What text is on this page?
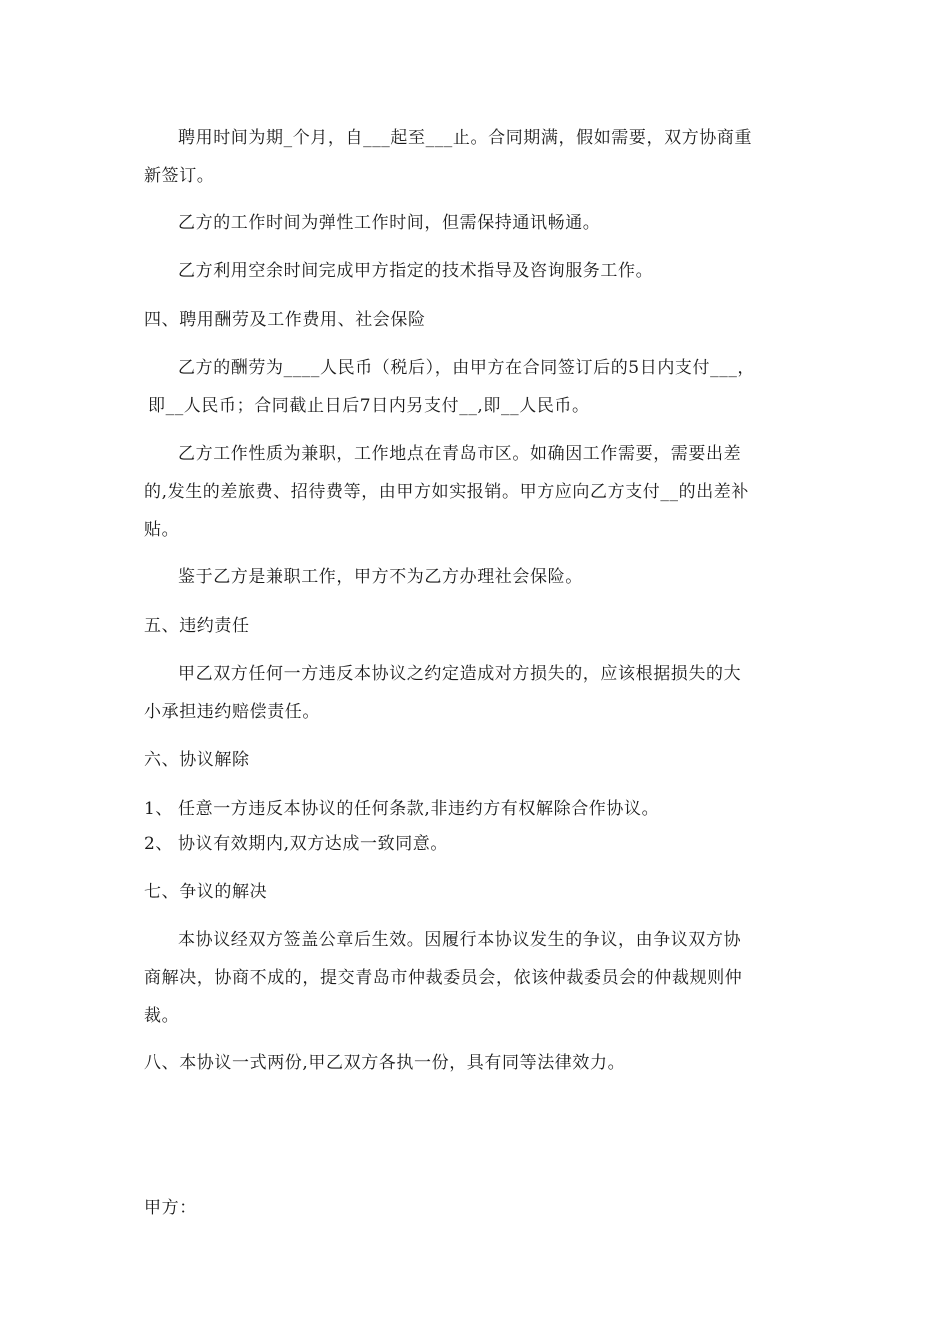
聘用时间为期_个月，自___起至___止。合同期满，假如需要，双方协商重
新签订。
乙方的工作时间为弹性工作时间，但需保持通讯畅通。
乙方利用空余时间完成甲方指定的技术指导及咨询服务工作。
四、聘用酬劳及工作费用、社会保险
乙方的酬劳为____人民币（税后），由甲方在合同签订后的5日内支付___，
即__人民币；合同截止日后7日内另支付__,即__人民币。
乙方工作性质为兼职，工作地点在青岛市区。如确因工作需要，需要出差
的,发生的差旅费、招待费等，由甲方如实报销。甲方应向乙方支付__的出差补
贴。
鉴于乙方是兼职工作，甲方不为乙方办理社会保险。
五、违约责任
甲乙双方任何一方违反本协议之约定造成对方损失的，应该根据损失的大
小承担违约赔偿责任。
六、协议解除
1、 任意一方违反本协议的任何条款,非违约方有权解除合作协议。
2、 协议有效期内,双方达成一致同意。
七、争议的解决
本协议经双方签盖公章后生效。因履行本协议发生的争议，由争议双方协
商解决，协商不成的，提交青岛市仲裁委员会，依该仲裁委员会的仲裁规则仲
裁。
八、本协议一式两份,甲乙双方各执一份，具有同等法律效力。
甲方：
